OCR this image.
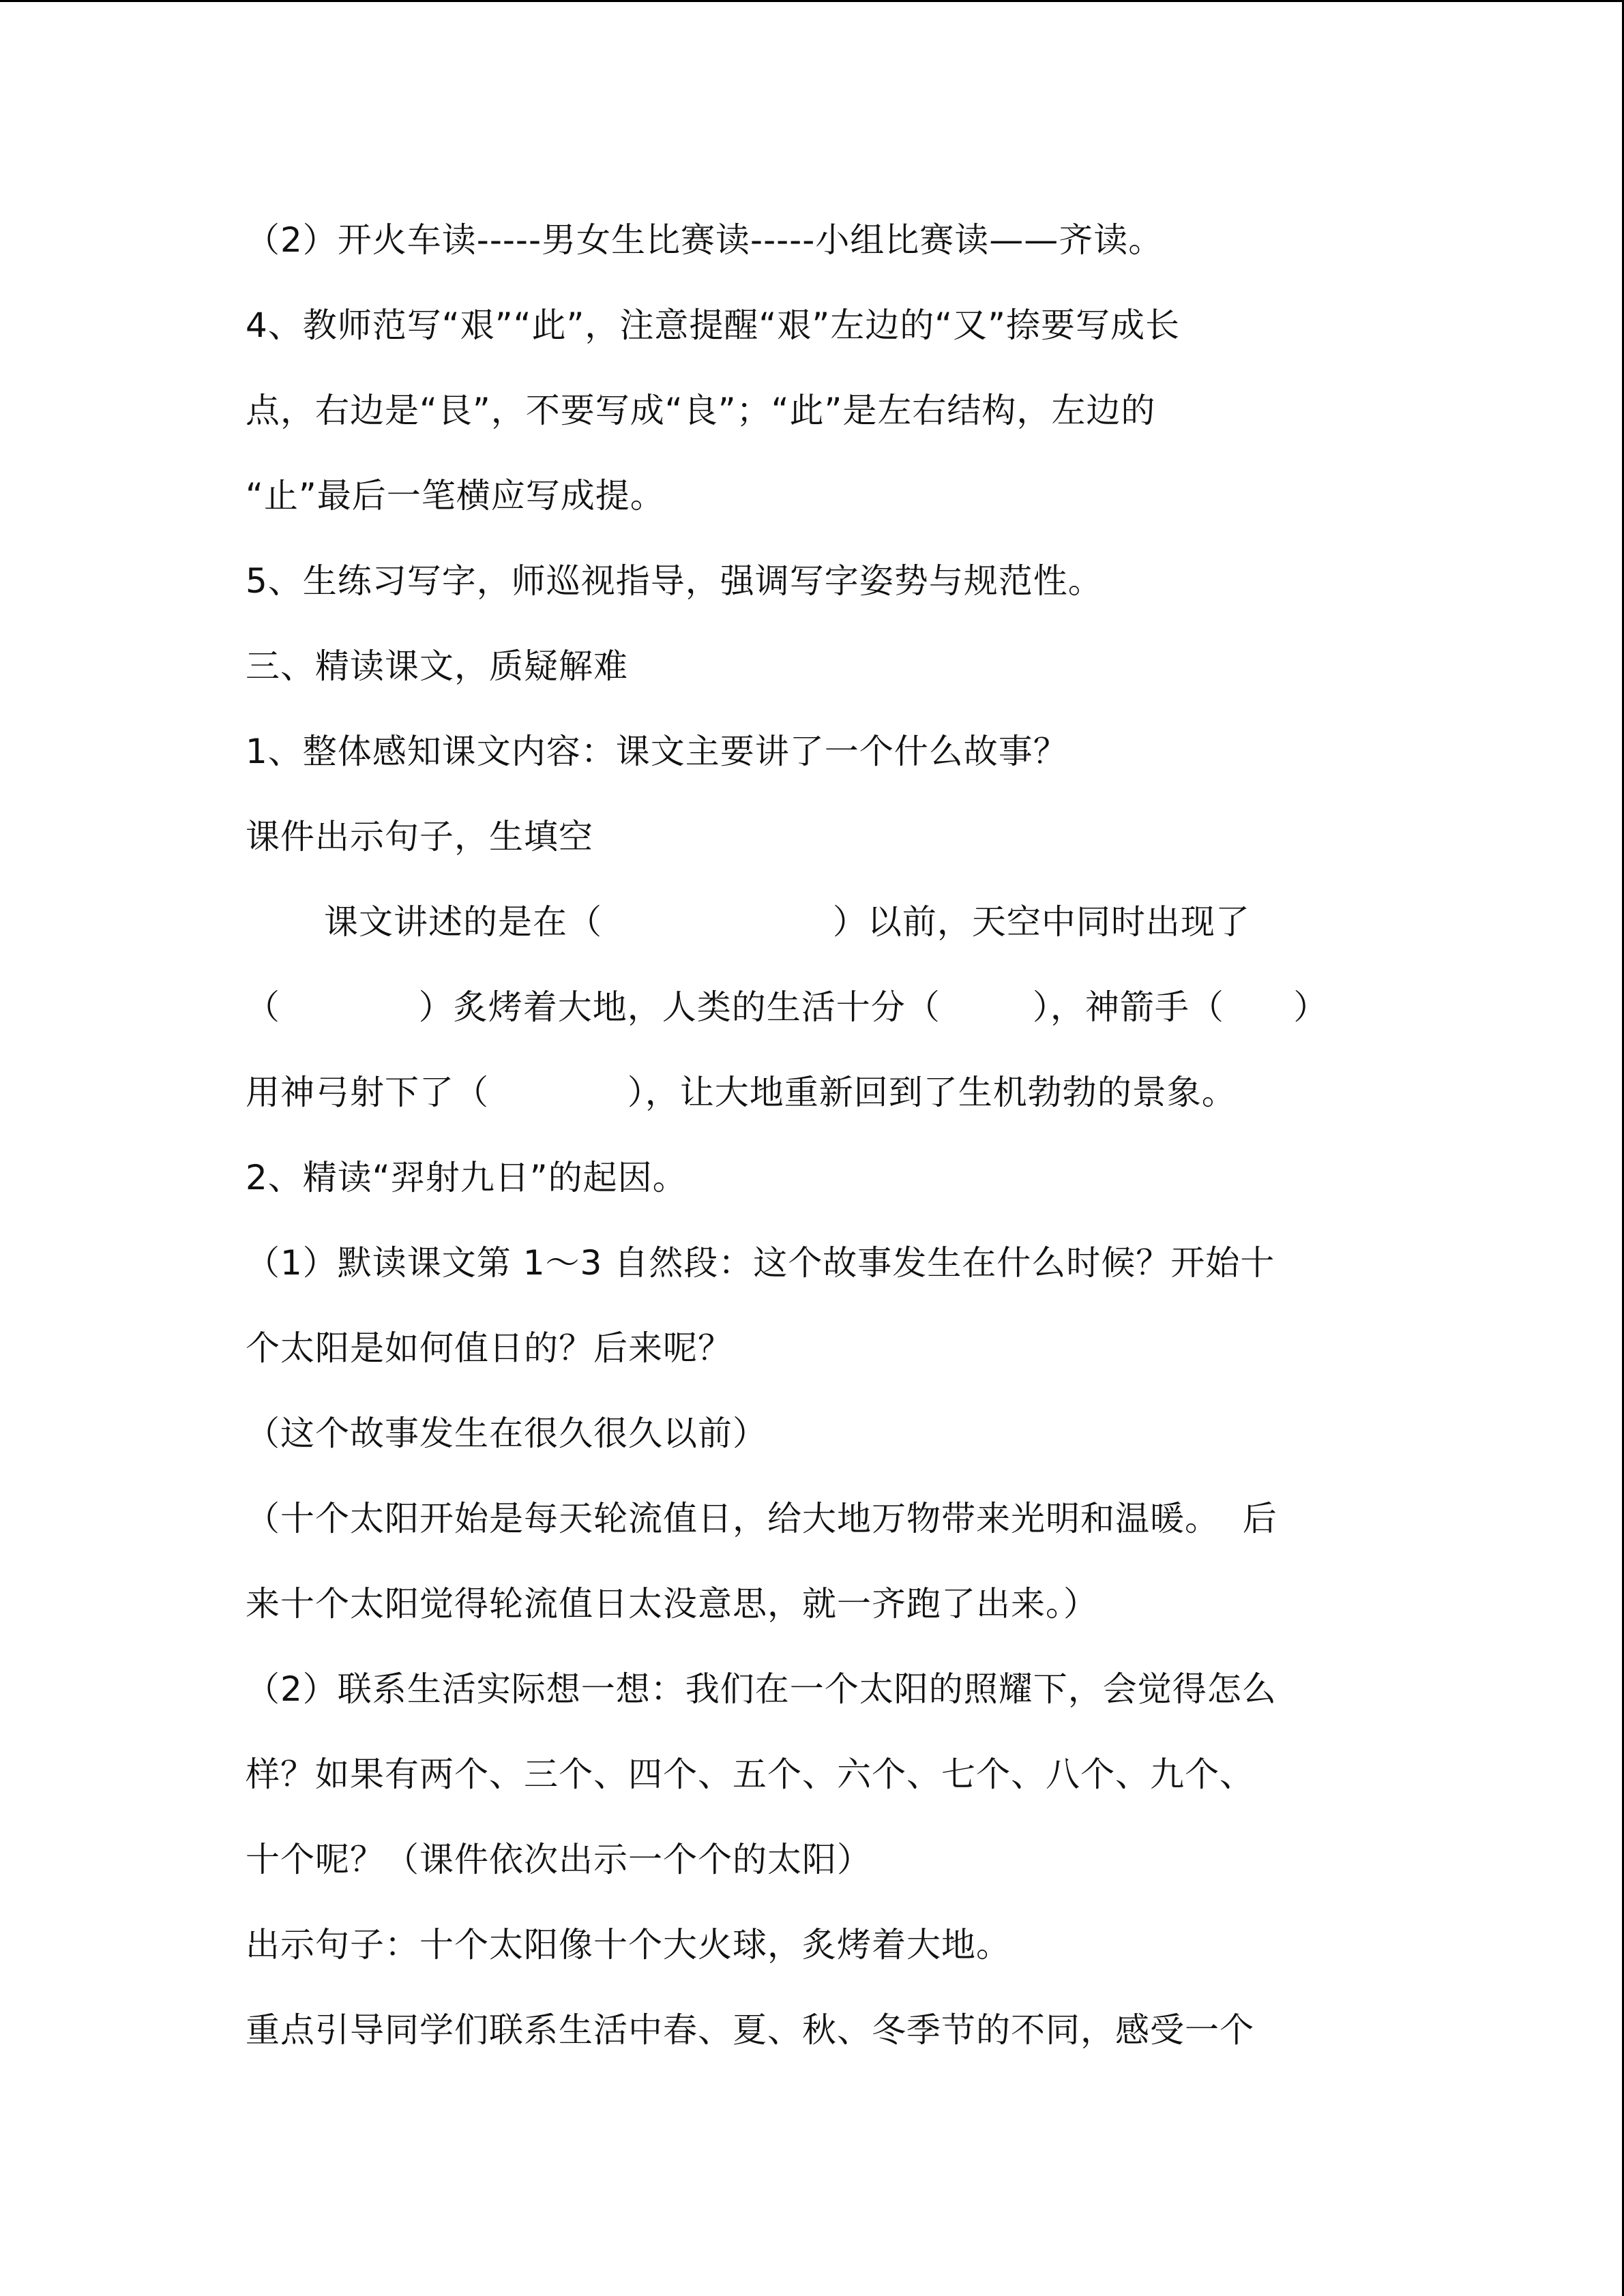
（2）开火车读-----男女生比赛读-----小组比赛读——齐读。
4、教师范写“艰”“此”，注意提醒“艰”左边的“又”捺要写成长
点，右边是“艮”，不要写成“良”；“此”是左右结构，左边的
“止”最后一笔横应写成提。
5、生练习写字，师巡视指导，强调写字姿势与规范性。
三、精读课文，质疑解难
1、整体感知课文内容：课文主要讲了一个什么故事？
课件出示句子，生填空
课文讲述的是在（                    ）以前，天空中同时出现了
（            ）炙烤着大地，人类的生活十分（        ），神箭手（      ）
用神弓射下了（            ），让大地重新回到了生机勃勃的景象。
2、精读“羿射九日”的起因。
（1）默读课文第 1～3 自然段：这个故事发生在什么时候？开始十
个太阳是如何值日的？后来呢？
（这个故事发生在很久很久以前）
（十个太阳开始是每天轮流值日，给大地万物带来光明和温暖。  后
来十个太阳觉得轮流值日太没意思，就一齐跑了出来。）
（2）联系生活实际想一想：我们在一个太阳的照耀下，会觉得怎么
样？如果有两个、三个、四个、五个、六个、七个、八个、九个、
十个呢？（课件依次出示一个个的太阳）
出示句子：十个太阳像十个大火球，炙烤着大地。
重点引导同学们联系生活中春、夏、秋、冬季节的不同，感受一个
